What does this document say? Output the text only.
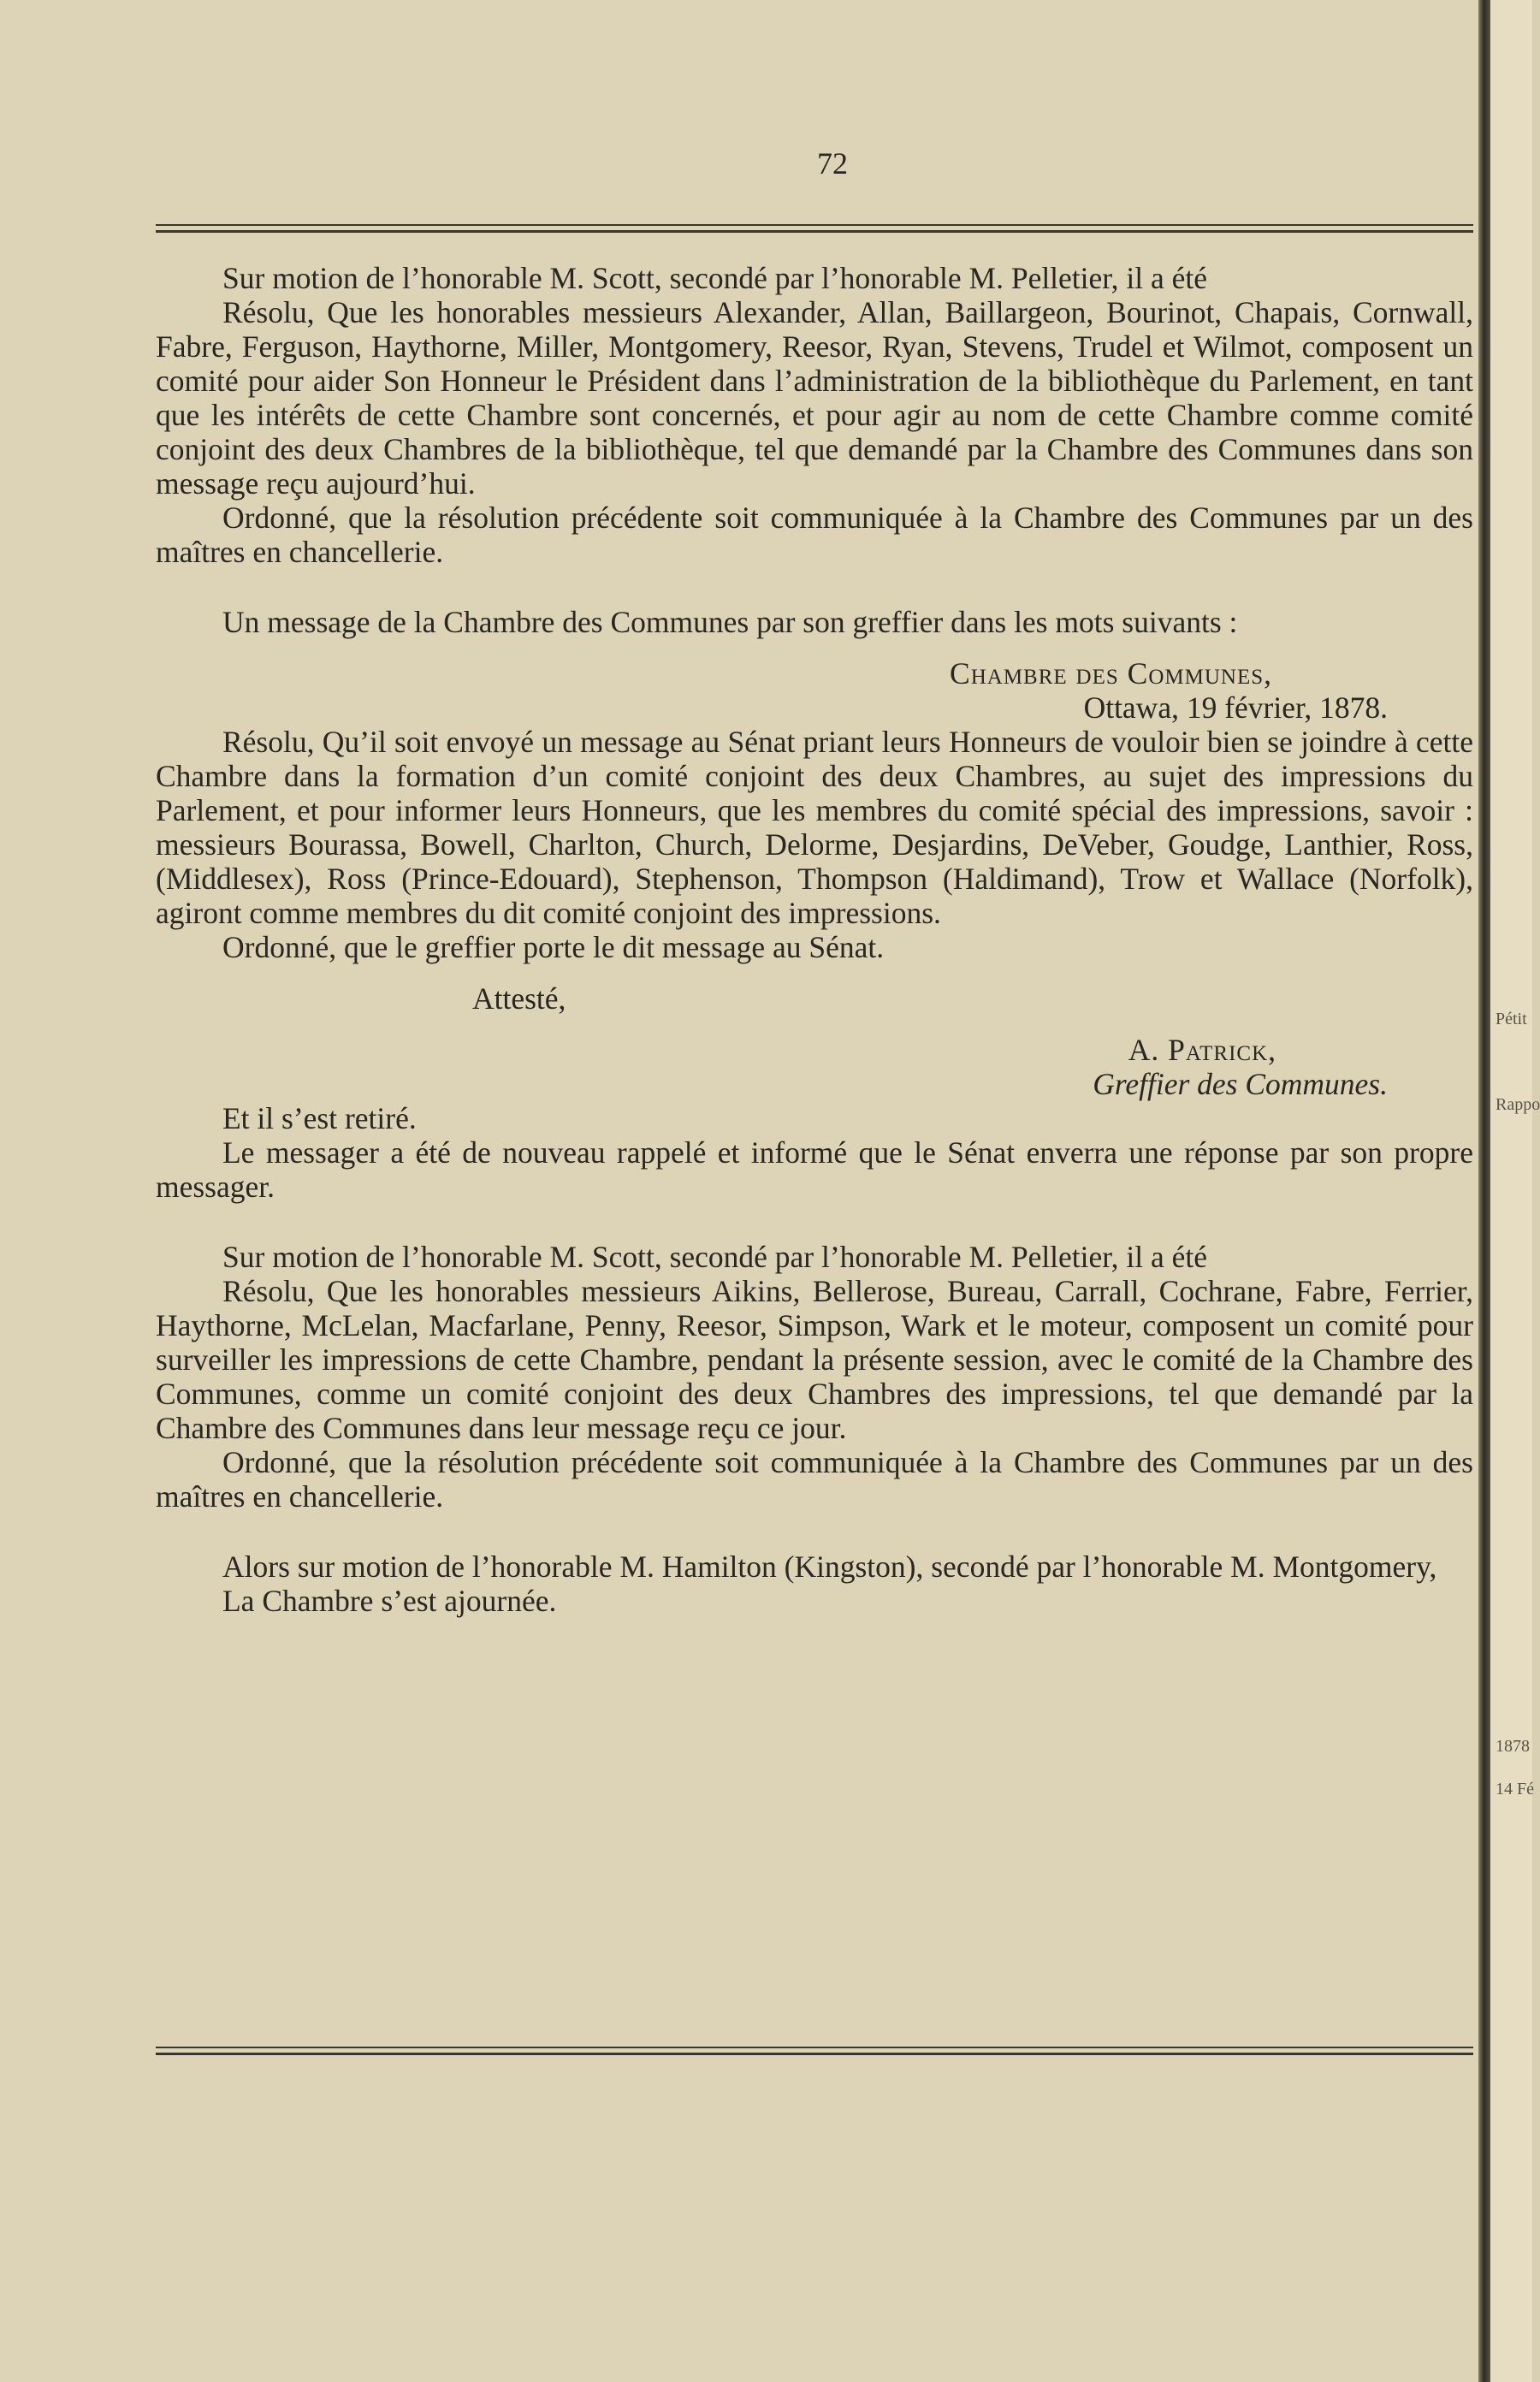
72

Sur motion de l’honorable M. Scott, secondé par l’honorable M. Pelletier, il a été

Résolu, Que les honorables messieurs Alexander, Allan, Baillargeon, Bourinot, Chapais, Cornwall, Fabre, Ferguson, Haythorne, Miller, Montgomery, Reesor, Ryan, Stevens, Trudel et Wilmot, composent un comité pour aider Son Honneur le Président dans l’administration de la bibliothèque du Parlement, en tant que les intérêts de cette Chambre sont concernés, et pour agir au nom de cette Chambre comme comité conjoint des deux Chambres de la bibliothèque, tel que demandé par la Chambre des Communes dans son message reçu aujourd’hui.

Ordonné, que la résolution précédente soit communiquée à la Chambre des Communes par un des maîtres en chancellerie.

Un message de la Chambre des Communes par son greffier dans les mots suivants :

Chambre des Communes,

Ottawa, 19 février, 1878.

Résolu, Qu’il soit envoyé un message au Sénat priant leurs Honneurs de vouloir bien se joindre à cette Chambre dans la formation d’un comité conjoint des deux Chambres, au sujet des impressions du Parlement, et pour informer leurs Honneurs, que les membres du comité spécial des impressions, savoir : messieurs Bourassa, Bowell, Charlton, Church, Delorme, Desjardins, DeVeber, Goudge, Lanthier, Ross, (Middlesex), Ross (Prince-Edouard), Stephenson, Thompson (Haldimand), Trow et Wallace (Norfolk), agiront comme membres du dit comité conjoint des impressions.

Ordonné, que le greffier porte le dit message au Sénat.

Attesté,

A. Patrick,

Greffier des Communes.

Et il s’est retiré.

Le messager a été de nouveau rappelé et informé que le Sénat enverra une réponse par son propre messager.

Sur motion de l’honorable M. Scott, secondé par l’honorable M. Pelletier, il a été

Résolu, Que les honorables messieurs Aikins, Bellerose, Bureau, Carrall, Cochrane, Fabre, Ferrier, Haythorne, McLelan, Macfarlane, Penny, Reesor, Simpson, Wark et le moteur, composent un comité pour surveiller les impressions de cette Chambre, pendant la présente session, avec le comité de la Chambre des Communes, comme un comité conjoint des deux Chambres des impressions, tel que demandé par la Chambre des Communes dans leur message reçu ce jour.

Ordonné, que la résolution précédente soit communiquée à la Chambre des Communes par un des maîtres en chancellerie.

Alors sur motion de l’honorable M. Hamilton (Kingston), secondé par l’honorable M. Montgomery,

La Chambre s’est ajournée.

Pétit
Rappo
1878
14 Fé
